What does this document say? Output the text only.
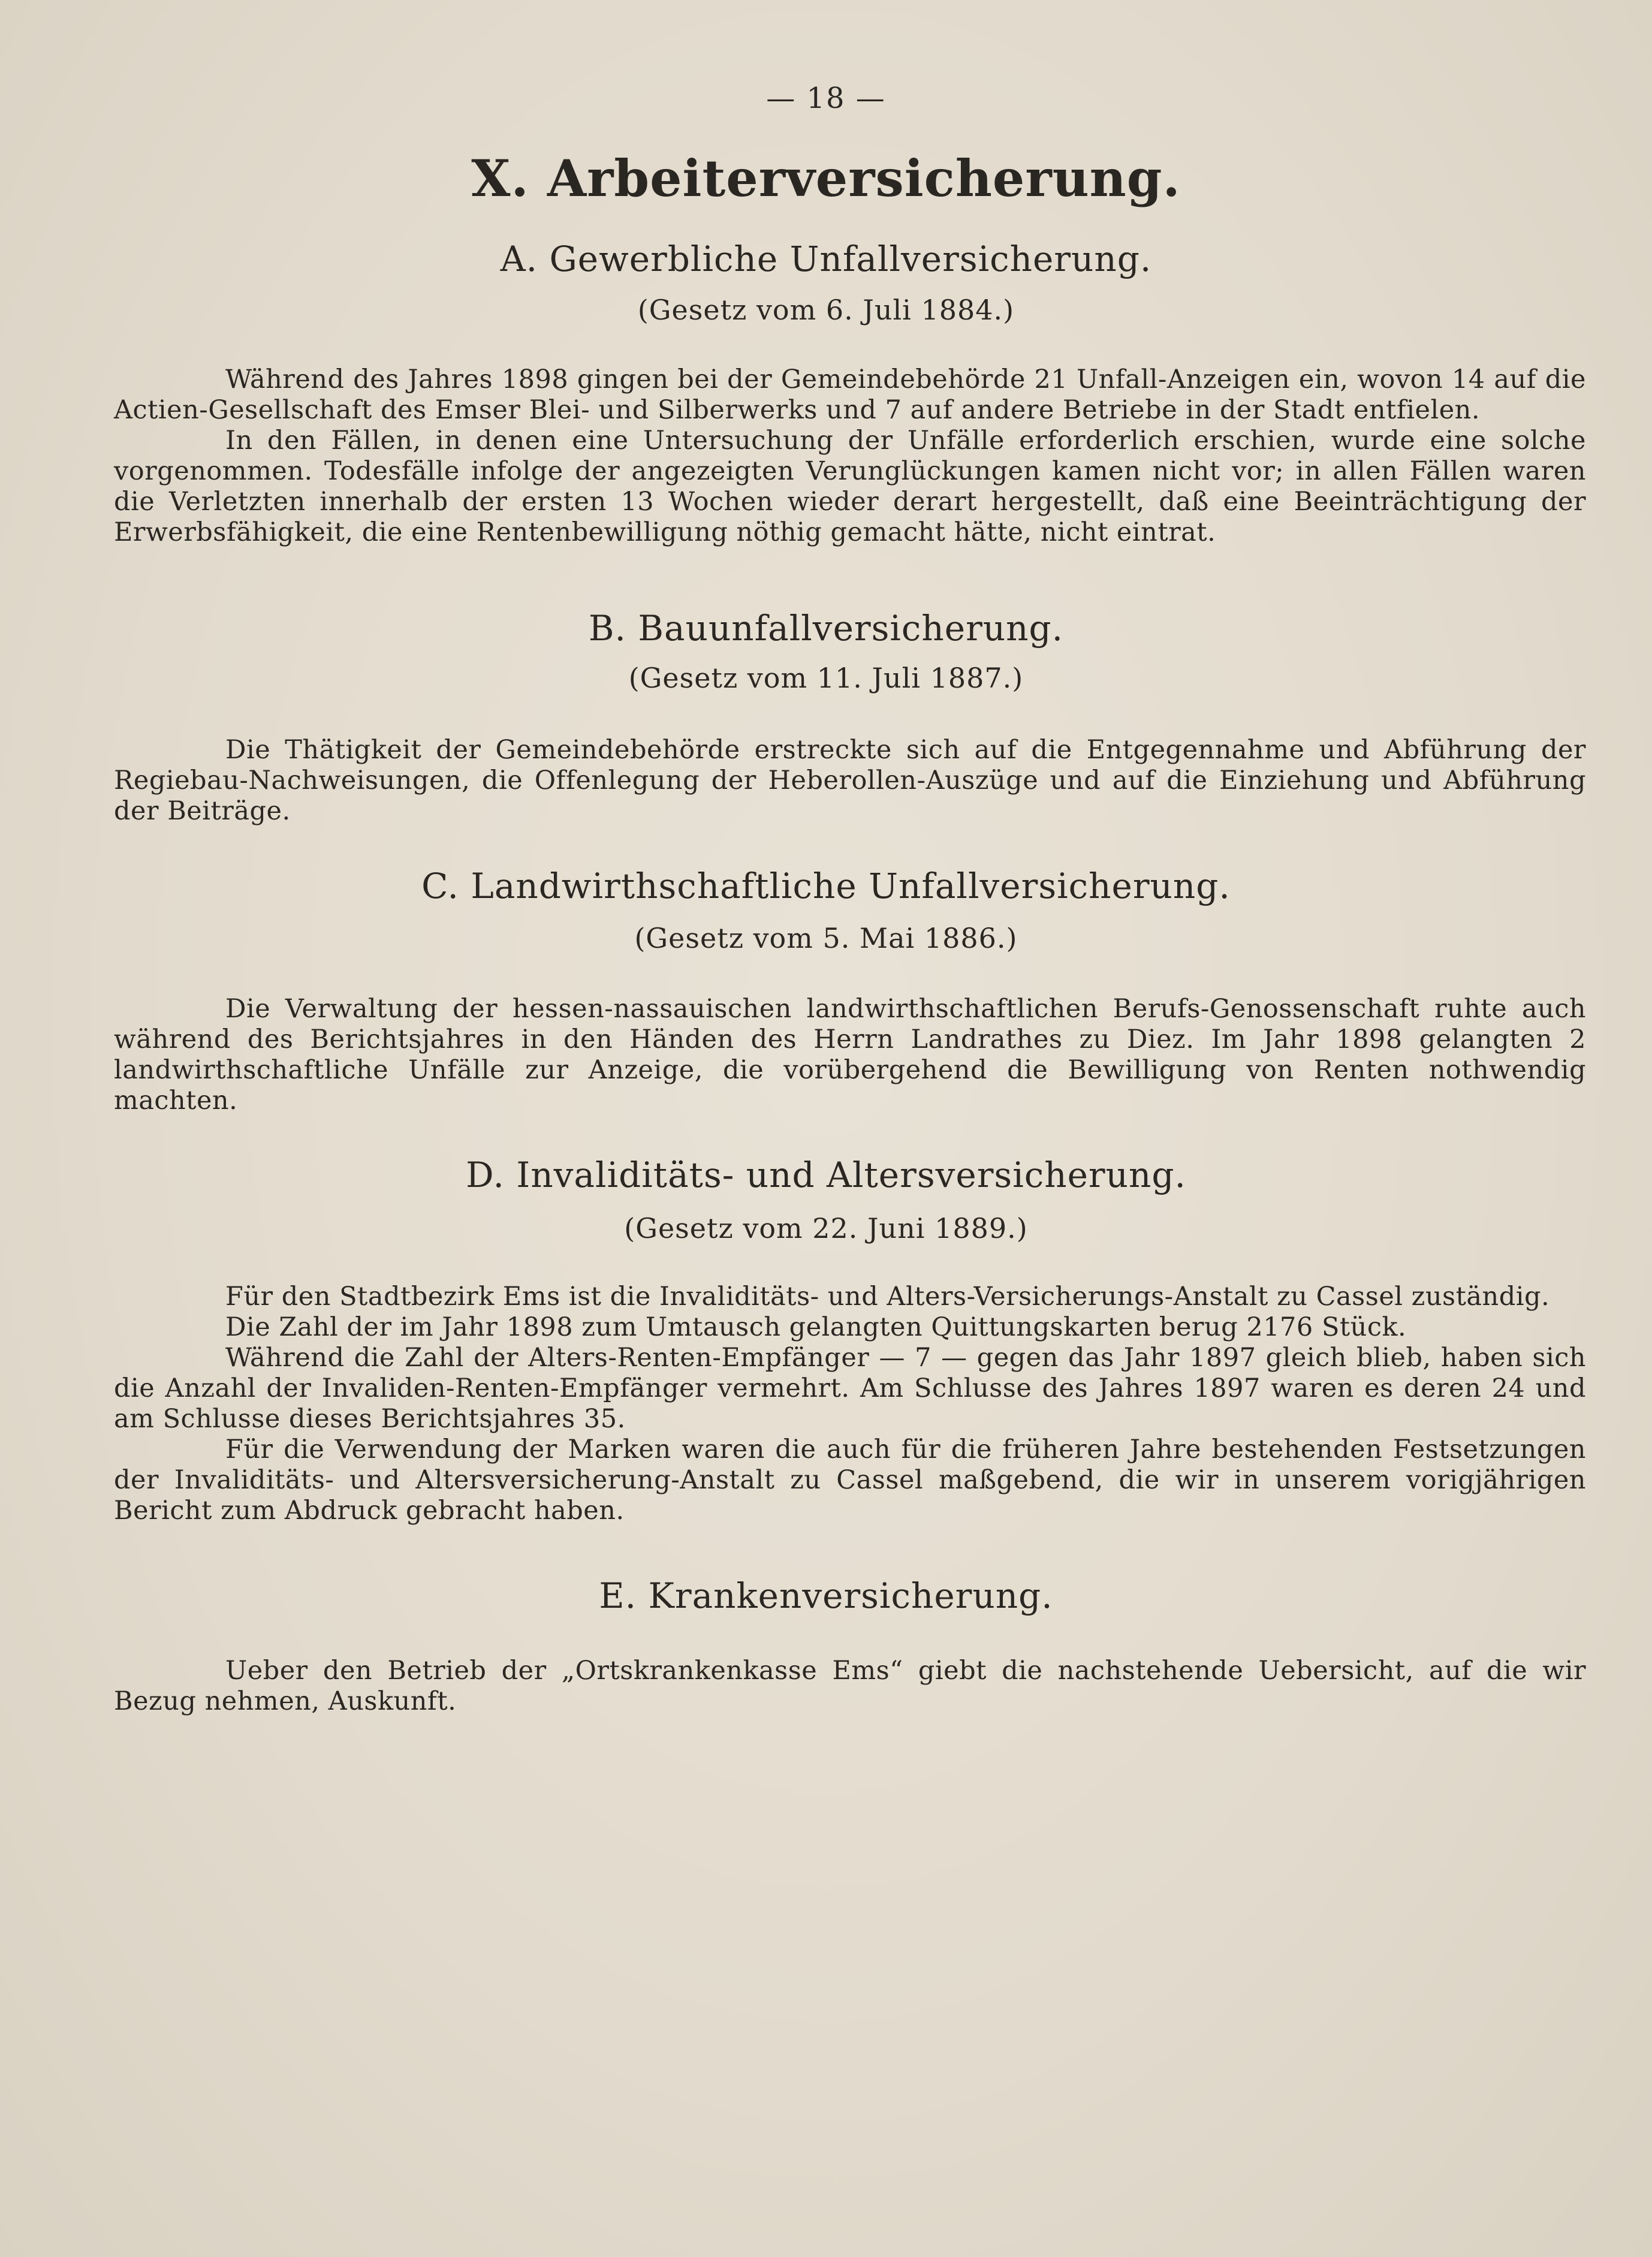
— 18 —
X. Arbeiterversicherung.
A. Gewerbliche Unfallversicherung.
(Gesetz vom 6. Juli 1884.)

Während des Jahres 1898 gingen bei der Gemeindebehörde 21 Unfall-Anzeigen ein, wovon 14 auf die Actien-Gesellschaft des Emser Blei- und Silberwerks und 7 auf andere Betriebe in der Stadt entfielen.

In den Fällen, in denen eine Untersuchung der Unfälle erforderlich erschien, wurde eine solche vorgenommen. Todesfälle infolge der angezeigten Verunglückungen kamen nicht vor; in allen Fällen waren die Verletzten innerhalb der ersten 13 Wochen wieder derart hergestellt, daß eine Beeinträchtigung der Erwerbsfähigkeit, die eine Rentenbewilligung nöthig gemacht hätte, nicht eintrat.

B. Bauunfallversicherung.
(Gesetz vom 11. Juli 1887.)

Die Thätigkeit der Gemeindebehörde erstreckte sich auf die Entgegennahme und Abführung der Regiebau-Nachweisungen, die Offenlegung der Heberollen-Auszüge und auf die Einziehung und Abführung der Beiträge.

C. Landwirthschaftliche Unfallversicherung.
(Gesetz vom 5. Mai 1886.)

Die Verwaltung der hessen-nassauischen landwirthschaftlichen Berufs-Genossenschaft ruhte auch während des Berichtsjahres in den Händen des Herrn Landrathes zu Diez. Im Jahr 1898 gelangten 2 landwirthschaftliche Unfälle zur Anzeige, die vorübergehend die Bewilligung von Renten nothwendig machten.

D. Invaliditäts- und Altersversicherung.
(Gesetz vom 22. Juni 1889.)

Für den Stadtbezirk Ems ist die Invaliditäts- und Alters-Versicherungs-Anstalt zu Cassel zuständig.

Die Zahl der im Jahr 1898 zum Umtausch gelangten Quittungskarten berug 2176 Stück.

Während die Zahl der Alters-Renten-Empfänger — 7 — gegen das Jahr 1897 gleich blieb, haben sich die Anzahl der Invaliden-Renten-Empfänger vermehrt. Am Schlusse des Jahres 1897 waren es deren 24 und am Schlusse dieses Berichtsjahres 35.

Für die Verwendung der Marken waren die auch für die früheren Jahre bestehenden Festsetzungen der Invaliditäts- und Altersversicherung-Anstalt zu Cassel maßgebend, die wir in unserem vorigjährigen Bericht zum Abdruck gebracht haben.

E. Krankenversicherung.

Ueber den Betrieb der „Ortskrankenkasse Ems“ giebt die nachstehende Uebersicht, auf die wir Bezug nehmen, Auskunft.
